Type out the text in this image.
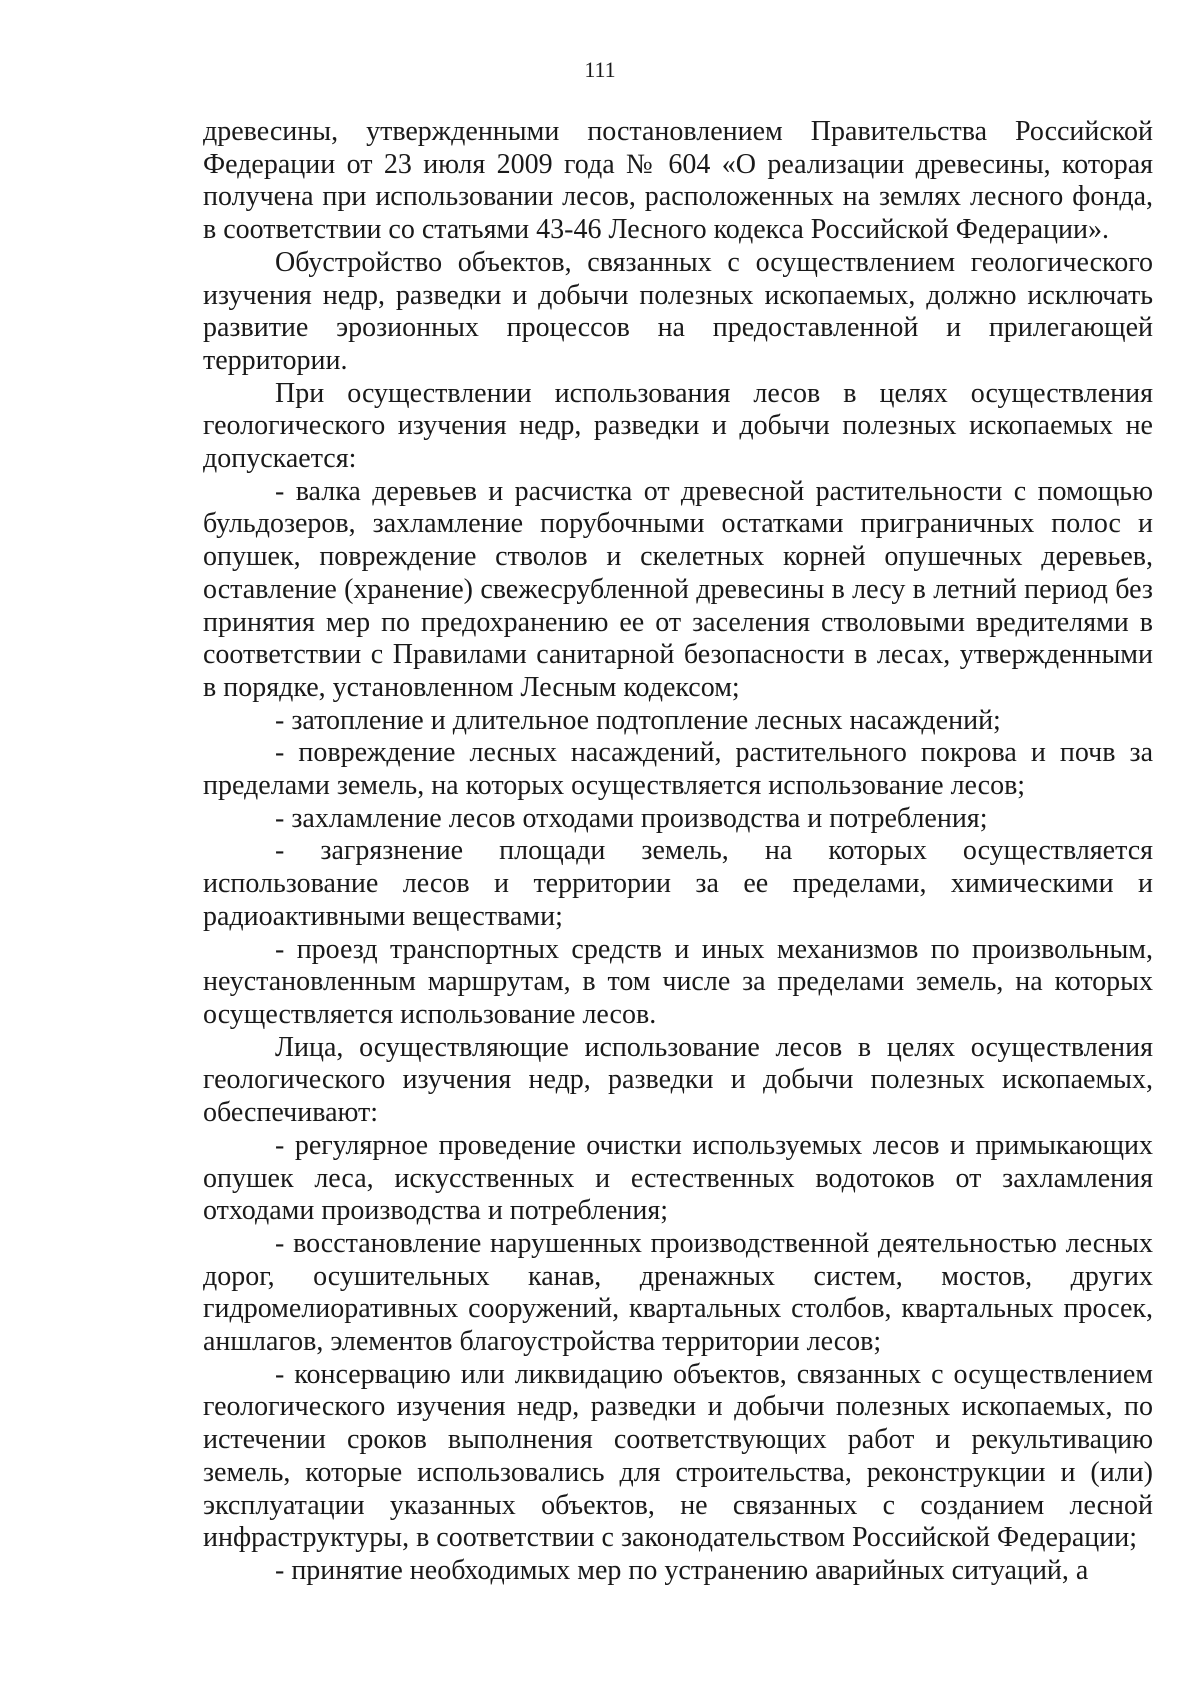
111

древесины, утвержденными постановлением Правительства Российской Федерации от 23 июля 2009 года № 604 «О реализации древесины, которая получена при использовании лесов, расположенных на землях лесного фонда, в соответствии со статьями 43-46 Лесного кодекса Российской Федерации».

Обустройство объектов, связанных с осуществлением геологического изучения недр, разведки и добычи полезных ископаемых, должно исключать развитие эрозионных процессов на предоставленной и прилегающей территории.

При осуществлении использования лесов в целях осуществления геологического изучения недр, разведки и добычи полезных ископаемых не допускается:

- валка деревьев и расчистка от древесной растительности с помощью бульдозеров, захламление порубочными остатками приграничных полос и опушек, повреждение стволов и скелетных корней опушечных деревьев, оставление (хранение) свежесрубленной древесины в лесу в летний период без принятия мер по предохранению ее от заселения стволовыми вредителями в соответствии с Правилами санитарной безопасности в лесах, утвержденными в порядке, установленном Лесным кодексом;

- затопление и длительное подтопление лесных насаждений;

- повреждение лесных насаждений, растительного покрова и почв за пределами земель, на которых осуществляется использование лесов;

- захламление лесов отходами производства и потребления;

- загрязнение площади земель, на которых осуществляется использование лесов и территории за ее пределами, химическими и радиоактивными веществами;

- проезд транспортных средств и иных механизмов по произвольным, неустановленным маршрутам, в том числе за пределами земель, на которых осуществляется использование лесов.

Лица, осуществляющие использование лесов в целях осуществления геологического изучения недр, разведки и добычи полезных ископаемых, обеспечивают:

- регулярное проведение очистки используемых лесов и примыкающих опушек леса, искусственных и естественных водотоков от захламления отходами производства и потребления;

- восстановление нарушенных производственной деятельностью лесных дорог, осушительных канав, дренажных систем, мостов, других гидромелиоративных сооружений, квартальных столбов, квартальных просек, аншлагов, элементов благоустройства территории лесов;

- консервацию или ликвидацию объектов, связанных с осуществлением геологического изучения недр, разведки и добычи полезных ископаемых, по истечении сроков выполнения соответствующих работ и рекультивацию земель, которые использовались для строительства, реконструкции и (или) эксплуатации указанных объектов, не связанных с созданием лесной инфраструктуры, в соответствии с законодательством Российской Федерации;

- принятие необходимых мер по устранению аварийных ситуаций, а
